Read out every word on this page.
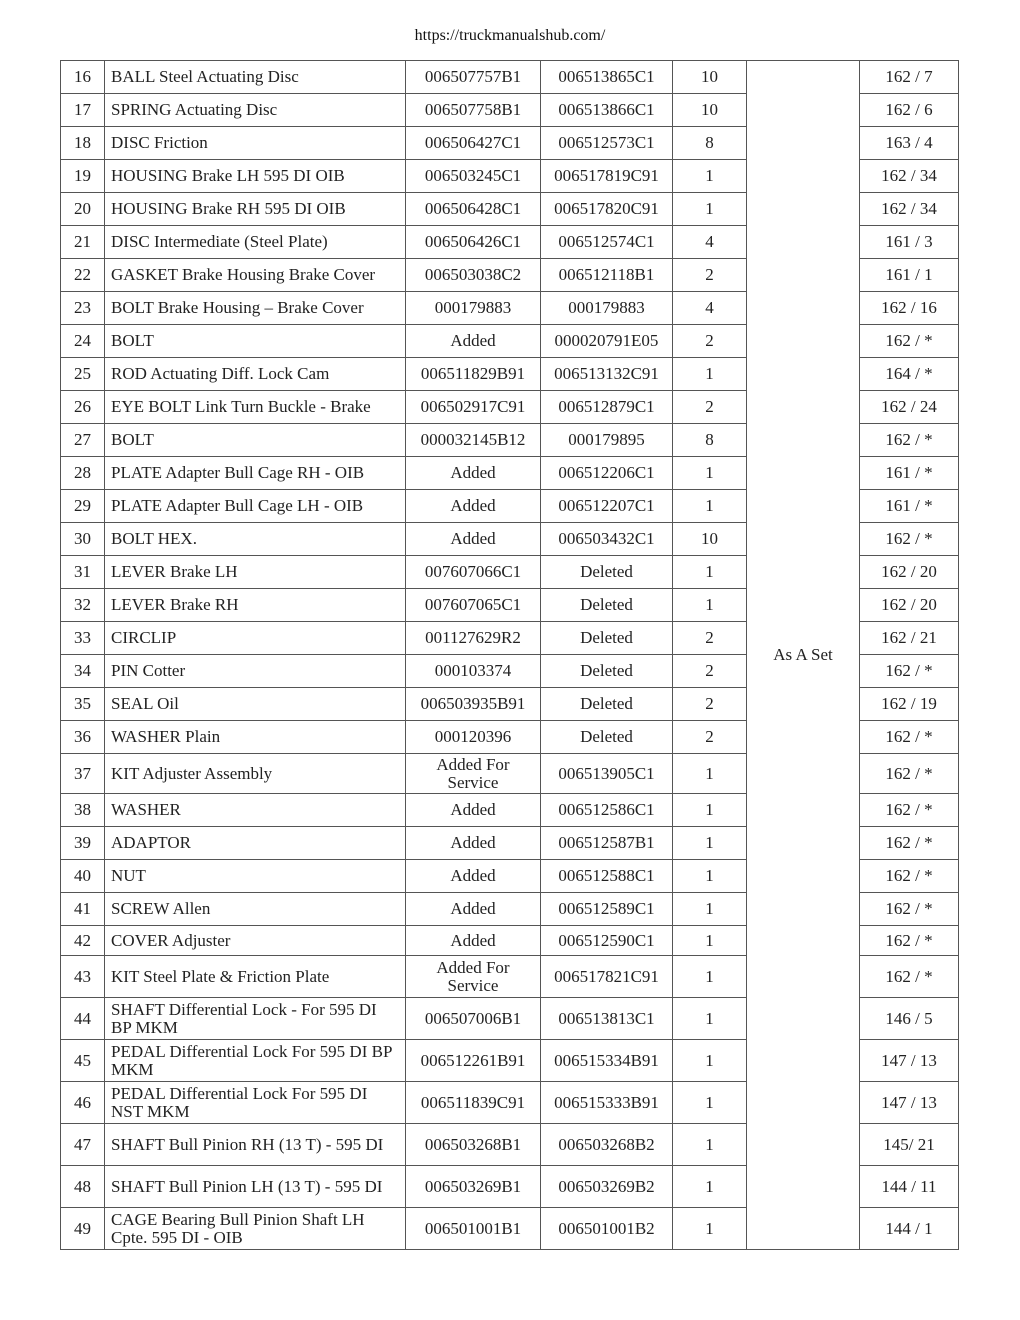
https://truckmanualshub.com/
16	BALL Steel Actuating Disc	006507757B1	006513865C1	10	As A Set	162 / 7
17	SPRING Actuating Disc	006507758B1	006513866C1	10		162 / 6
18	DISC Friction	006506427C1	006512573C1	8		163 / 4
19	HOUSING Brake LH 595 DI OIB	006503245C1	006517819C91	1		162 / 34
20	HOUSING Brake RH 595 DI OIB	006506428C1	006517820C91	1		162 / 34
21	DISC Intermediate (Steel Plate)	006506426C1	006512574C1	4		161 / 3
22	GASKET Brake Housing Brake Cover	006503038C2	006512118B1	2		161 / 1
23	BOLT Brake Housing – Brake Cover	000179883	000179883	4		162 / 16
24	BOLT	Added	000020791E05	2		162 / *
25	ROD Actuating Diff. Lock Cam	006511829B91	006513132C91	1		164 / *
26	EYE BOLT Link Turn Buckle - Brake	006502917C91	006512879C1	2		162 / 24
27	BOLT	000032145B12	000179895	8		162 / *
28	PLATE Adapter Bull Cage RH - OIB	Added	006512206C1	1		161 / *
29	PLATE Adapter Bull Cage LH - OIB	Added	006512207C1	1		161 / *
30	BOLT HEX.	Added	006503432C1	10		162 / *
31	LEVER Brake LH	007607066C1	Deleted	1		162 / 20
32	LEVER Brake RH	007607065C1	Deleted	1		162 / 20
33	CIRCLIP	001127629R2	Deleted	2		162 / 21
34	PIN Cotter	000103374	Deleted	2		162 / *
35	SEAL Oil	006503935B91	Deleted	2		162 / 19
36	WASHER Plain	000120396	Deleted	2		162 / *
37	KIT Adjuster Assembly	Added For Service	006513905C1	1		162 / *
38	WASHER	Added	006512586C1	1		162 / *
39	ADAPTOR	Added	006512587B1	1		162 / *
40	NUT	Added	006512588C1	1		162 / *
41	SCREW Allen	Added	006512589C1	1		162 / *
42	COVER Adjuster	Added	006512590C1	1		162 / *
43	KIT Steel Plate & Friction Plate	Added For Service	006517821C91	1		162 / *
44	SHAFT Differential Lock - For 595 DI BP MKM	006507006B1	006513813C1	1		146 / 5
45	PEDAL Differential Lock For 595 DI BP MKM	006512261B91	006515334B91	1		147 / 13
46	PEDAL Differential Lock For 595 DI NST MKM	006511839C91	006515333B91	1		147 / 13
47	SHAFT Bull Pinion RH (13 T) - 595 DI	006503268B1	006503268B2	1		145/ 21
48	SHAFT Bull Pinion LH (13 T) - 595 DI	006503269B1	006503269B2	1		144 / 11
49	CAGE Bearing Bull Pinion Shaft LH Cpte. 595 DI - OIB	006501001B1	006501001B2	1		144 / 1
